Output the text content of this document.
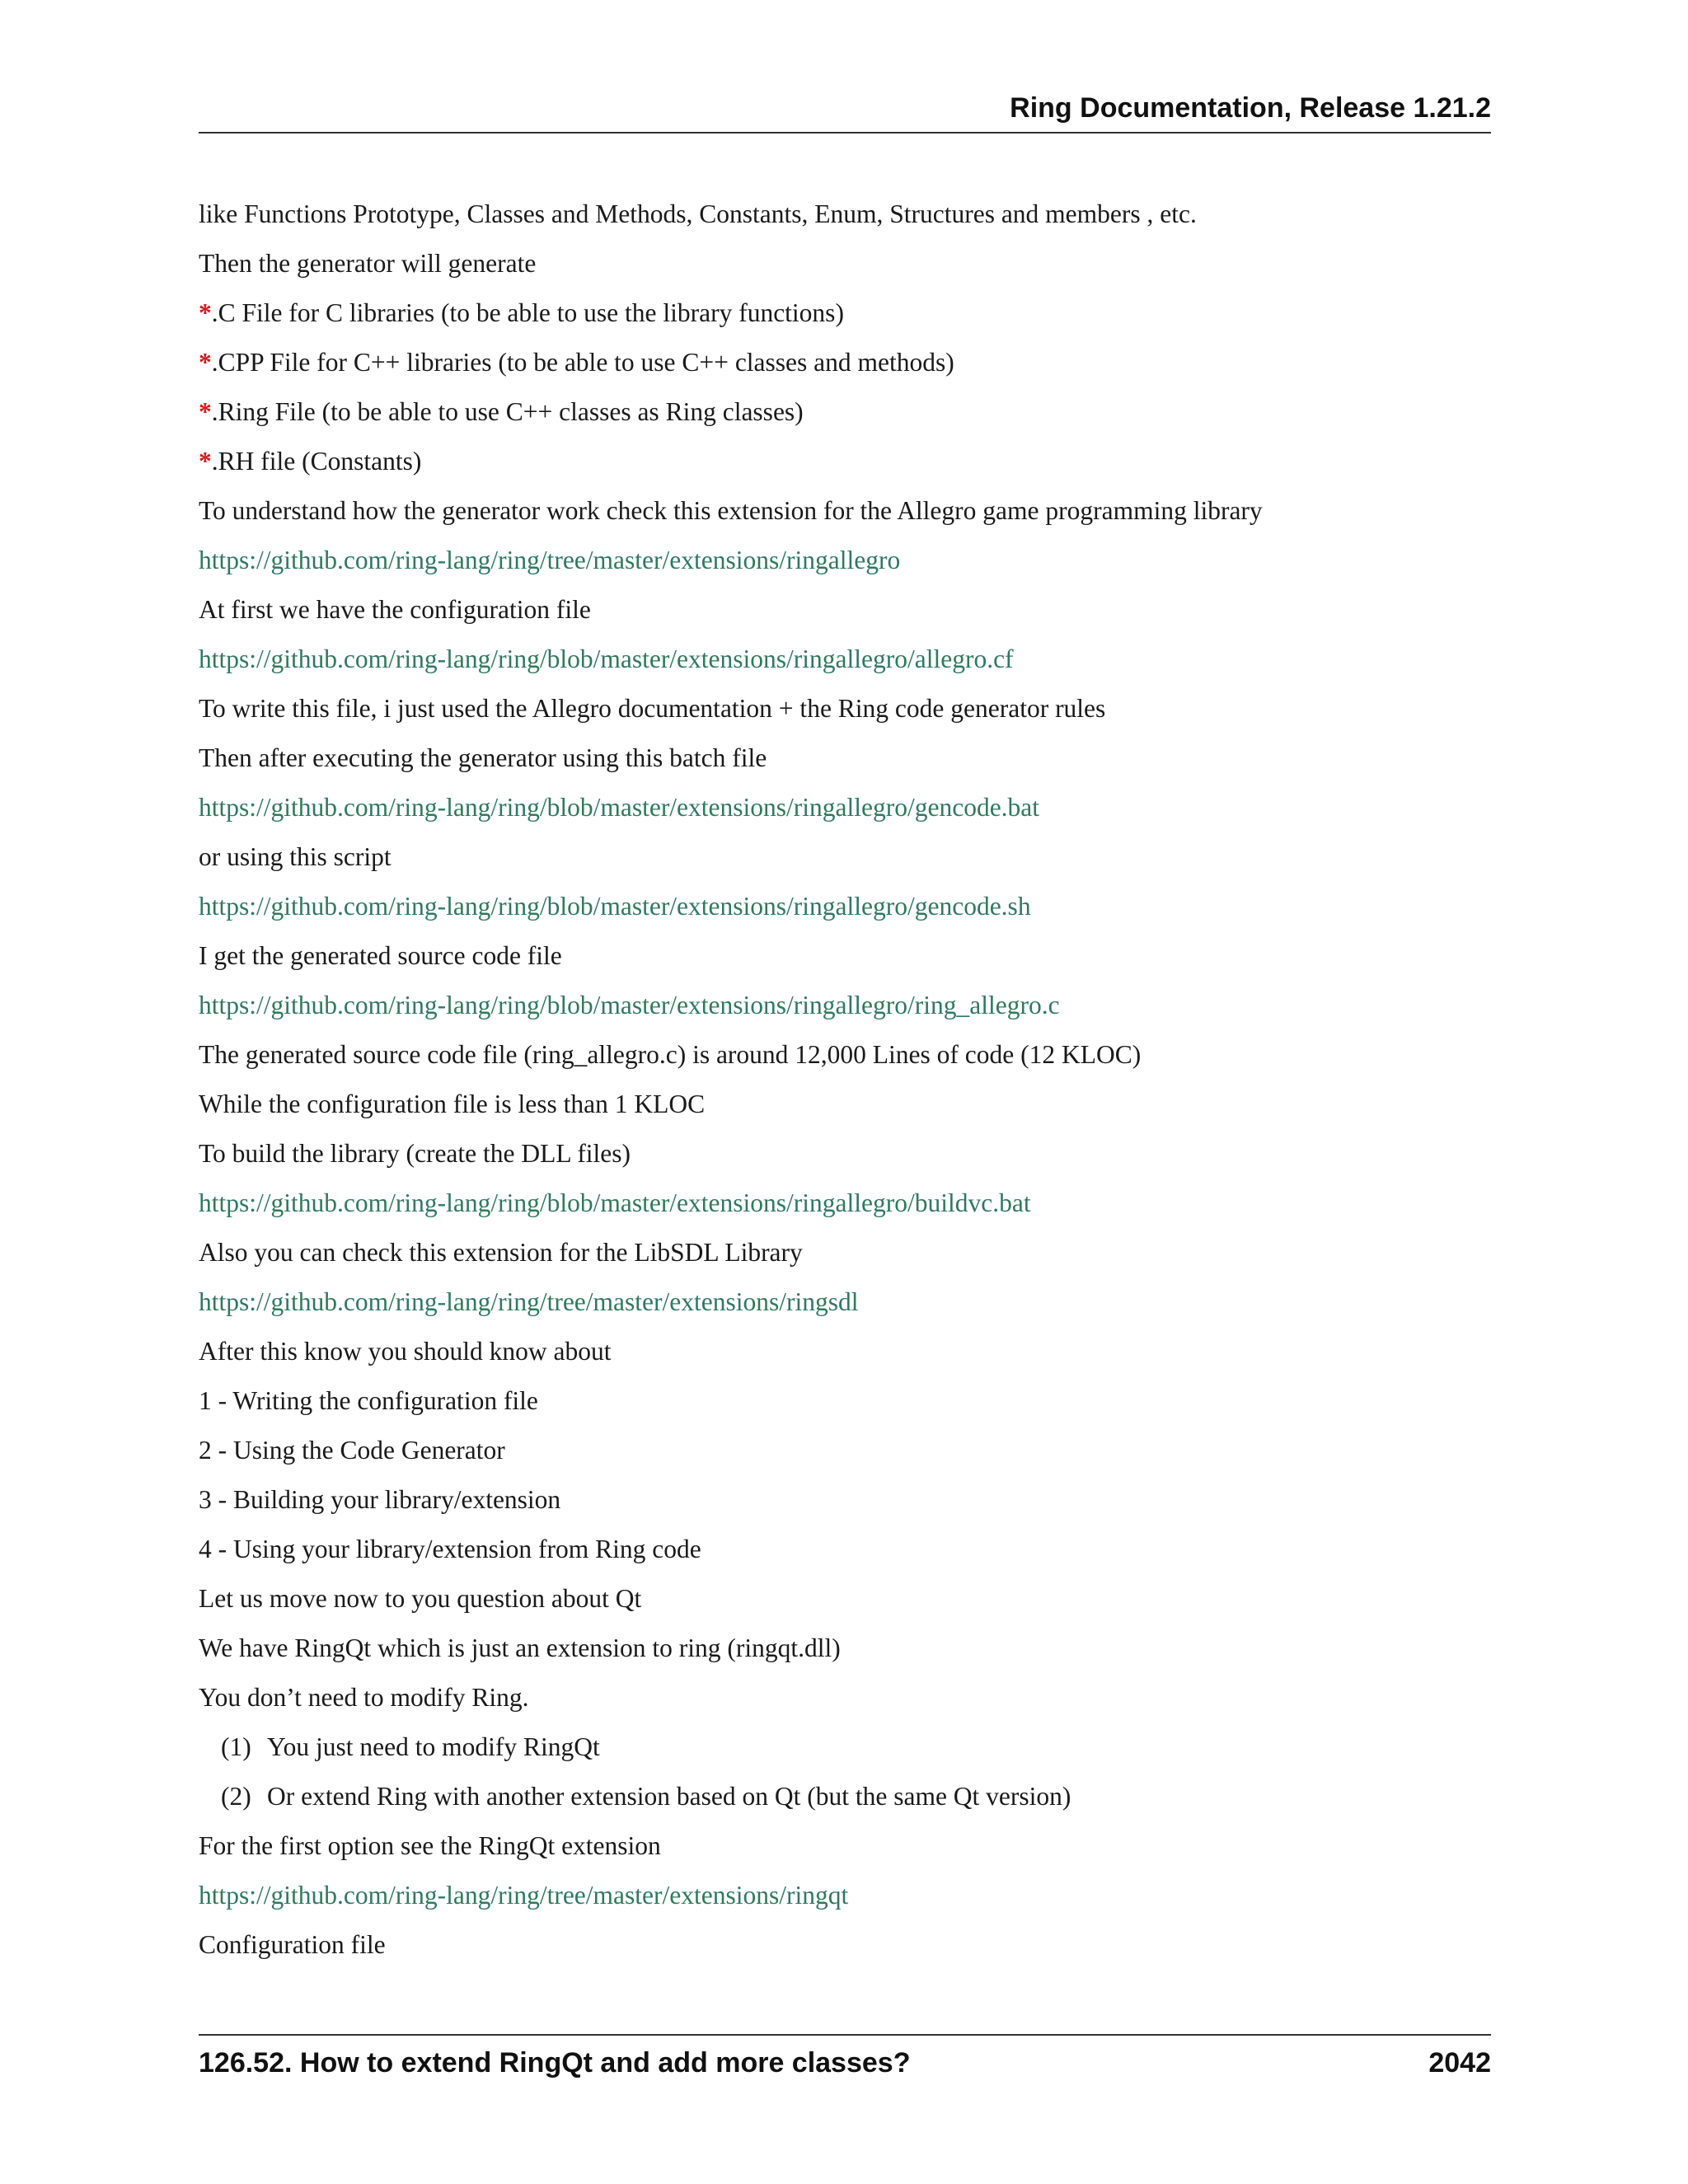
Ring Documentation, Release 1.21.2
like Functions Prototype, Classes and Methods, Constants, Enum, Structures and members , etc.
Then the generator will generate
*.C File for C libraries (to be able to use the library functions)
*.CPP File for C++ libraries (to be able to use C++ classes and methods)
*.Ring File (to be able to use C++ classes as Ring classes)
*.RH file (Constants)
To understand how the generator work check this extension for the Allegro game programming library
https://github.com/ring-lang/ring/tree/master/extensions/ringallegro
At first we have the configuration file
https://github.com/ring-lang/ring/blob/master/extensions/ringallegro/allegro.cf
To write this file, i just used the Allegro documentation + the Ring code generator rules
Then after executing the generator using this batch file
https://github.com/ring-lang/ring/blob/master/extensions/ringallegro/gencode.bat
or using this script
https://github.com/ring-lang/ring/blob/master/extensions/ringallegro/gencode.sh
I get the generated source code file
https://github.com/ring-lang/ring/blob/master/extensions/ringallegro/ring_allegro.c
The generated source code file (ring_allegro.c) is around 12,000 Lines of code (12 KLOC)
While the configuration file is less than 1 KLOC
To build the library (create the DLL files)
https://github.com/ring-lang/ring/blob/master/extensions/ringallegro/buildvc.bat
Also you can check this extension for the LibSDL Library
https://github.com/ring-lang/ring/tree/master/extensions/ringsdl
After this know you should know about
1 - Writing the configuration file
2 - Using the Code Generator
3 - Building your library/extension
4 - Using your library/extension from Ring code
Let us move now to you question about Qt
We have RingQt which is just an extension to ring (ringqt.dll)
You don’t need to modify Ring.
(1) You just need to modify RingQt
(2) Or extend Ring with another extension based on Qt (but the same Qt version)
For the first option see the RingQt extension
https://github.com/ring-lang/ring/tree/master/extensions/ringqt
Configuration file
126.52. How to extend RingQt and add more classes?	2042
